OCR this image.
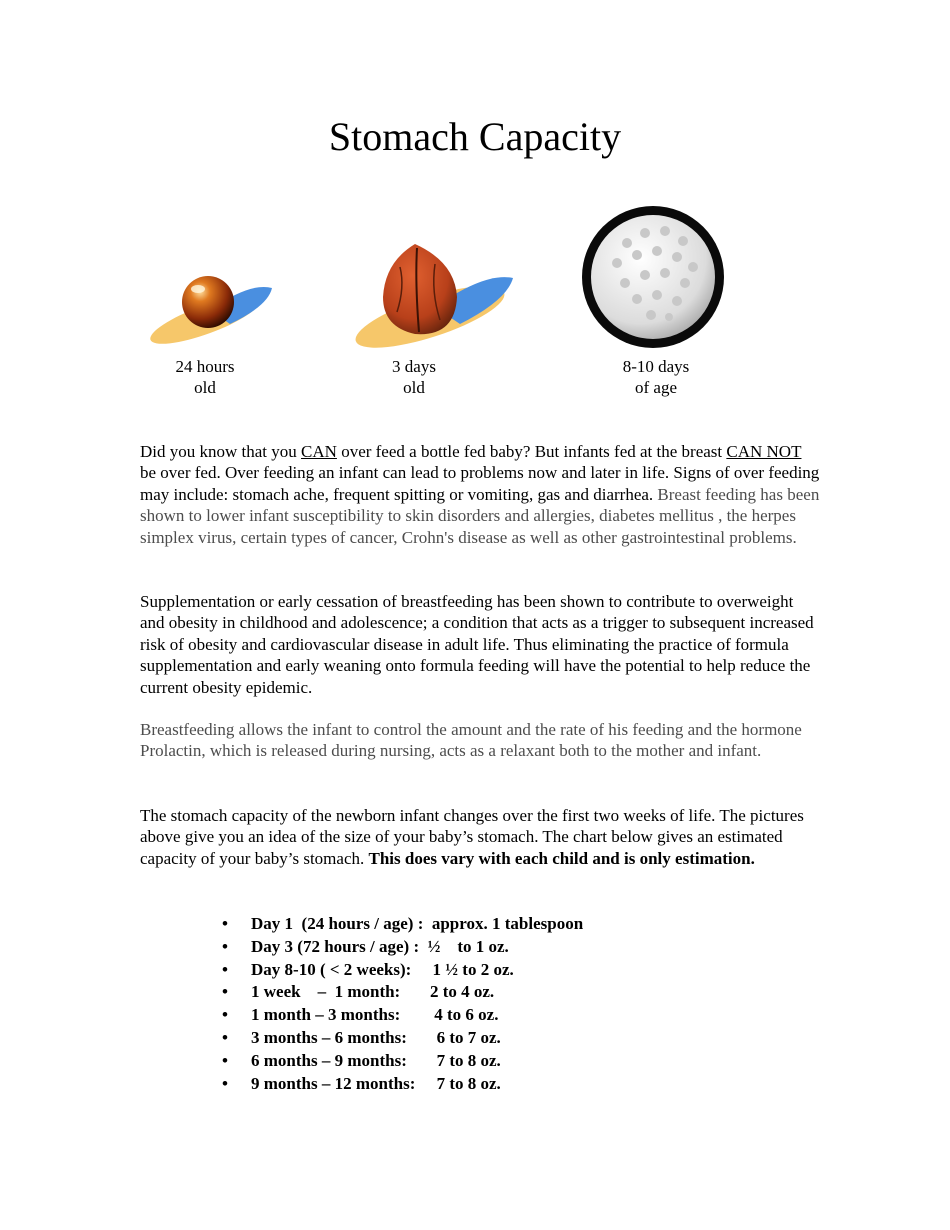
Stomach Capacity
24 hours
old
3 days
old
8-10 days
of age

Did you know that you CAN over feed a bottle fed baby? But infants fed at the breast CAN NOT be over fed. Over feeding an infant can lead to problems now and later in life. Signs of over feeding may include: stomach ache, frequent spitting or vomiting, gas and diarrhea. Breast feeding has been shown to lower infant susceptibility to skin disorders and allergies, diabetes mellitus , the herpes simplex virus, certain types of cancer, Crohn's disease as well as other gastrointestinal problems.

Supplementation or early cessation of breastfeeding has been shown to contribute to overweight and obesity in childhood and adolescence; a condition that acts as a trigger to subsequent increased risk of obesity and cardiovascular disease in adult life. Thus eliminating the practice of formula supplementation and early weaning onto formula feeding will have the potential to help reduce the current obesity epidemic.

Breastfeeding allows the infant to control the amount and the rate of his feeding and the hormone Prolactin, which is released during nursing, acts as a relaxant both to the mother and infant.

The stomach capacity of the newborn infant changes over the first two weeks of life. The pictures above give you an idea of the size of your baby’s stomach. The chart below gives an estimated capacity of your baby’s stomach. This does vary with each child and is only estimation.

• Day 1  (24 hours / age) :  approx. 1 tablespoon
• Day 3 (72 hours / age) :  ½    to 1 oz.
• Day 8-10 ( < 2 weeks):     1 ½ to 2 oz.
• 1 week    –  1 month:       2 to 4 oz.
• 1 month – 3 months:        4 to 6 oz.
• 3 months – 6 months:       6 to 7 oz.
• 6 months – 9 months:       7 to 8 oz.
• 9 months – 12 months:     7 to 8 oz.
